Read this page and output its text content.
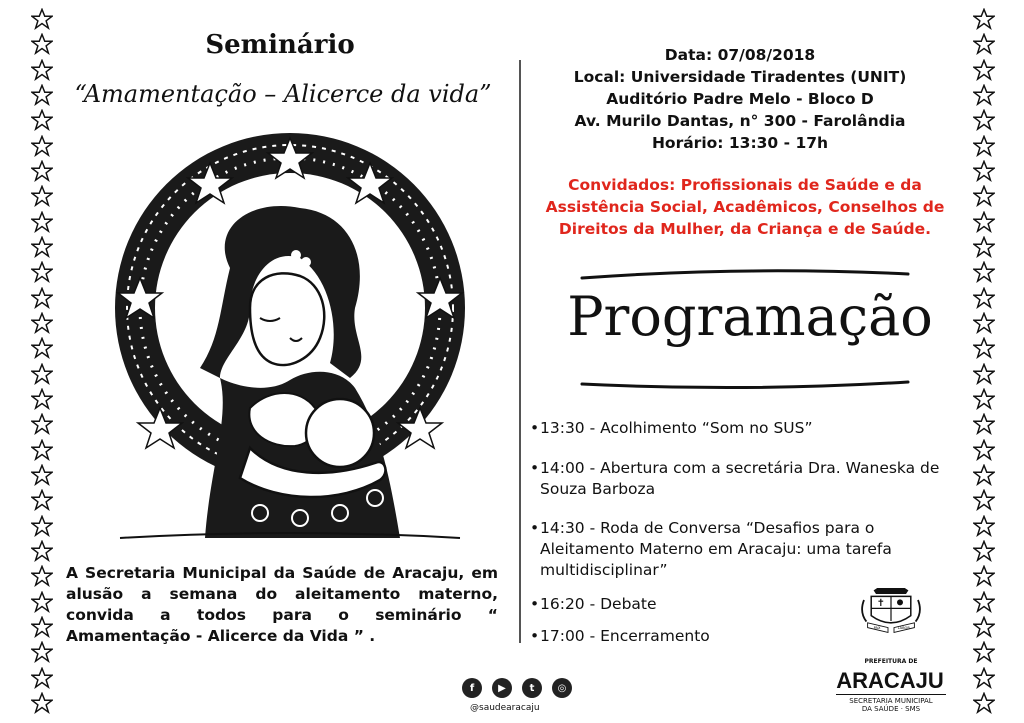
Seminário
“Amamentação – Alicerce da vida”
A Secretaria Municipal da Saúde de Aracaju, em alusão a semana do aleitamento materno, convida a todos para o seminário “ Amamentação - Alicerce da Vida ” .
Data: 07/08/2018
Local: Universidade Tiradentes (UNIT)
Auditório Padre Melo - Bloco D
Av. Murilo Dantas, n° 300 - Farolândia
Horário: 13:30 - 17h
Convidados: Profissionais de Saúde e da Assistência Social, Acadêmicos, Conselhos de Direitos da Mulher, da Criança e de Saúde.
Programação
• 13:30 - Acolhimento “Som no SUS”
• 14:00 - Abertura com a secretária Dra. Waneska de Souza Barboza
• 14:30 - Roda de Conversa “Desafios para o Aleitamento Materno em Aracaju: uma tarefa multidisciplinar”
• 16:20 - Debate
• 17:00 - Encerramento
f	▶	t	◎
@saudearacaju
PAX	LABOR
PREFEITURA DE
ARACAJU
SECRETARIA MUNICIPAL
DA SAÚDE · SMS
